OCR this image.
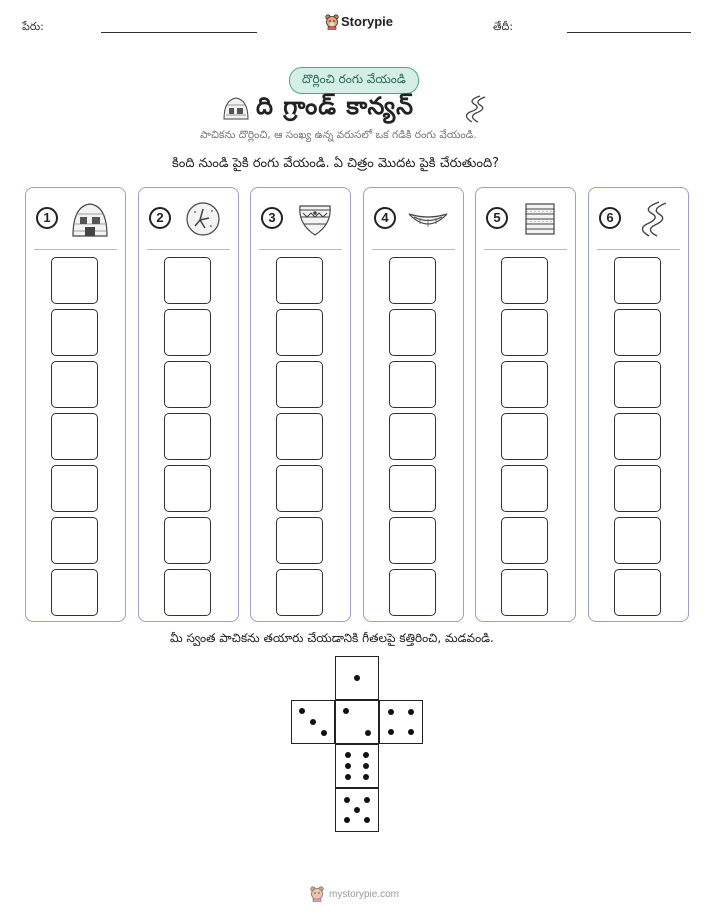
పేరు:	Storypie	తేదీ:
దొర్లించి రంగు వేయండి
ది గ్రాండ్ కాన్యన్
పాచికను దొర్లించి, ఆ సంఖ్య ఉన్న వరుసలో ఒక గడికి రంగు వేయండి.
కింది నుండి పైకి రంగు వేయండి. ఏ చిత్రం మొదట పైకి చేరుతుంది?
1	2	3	4	5	6
మీ స్వంత పాచికను తయారు చేయడానికి గీతలపై కత్తిరించి, మడవండి.
mystorypie.com
